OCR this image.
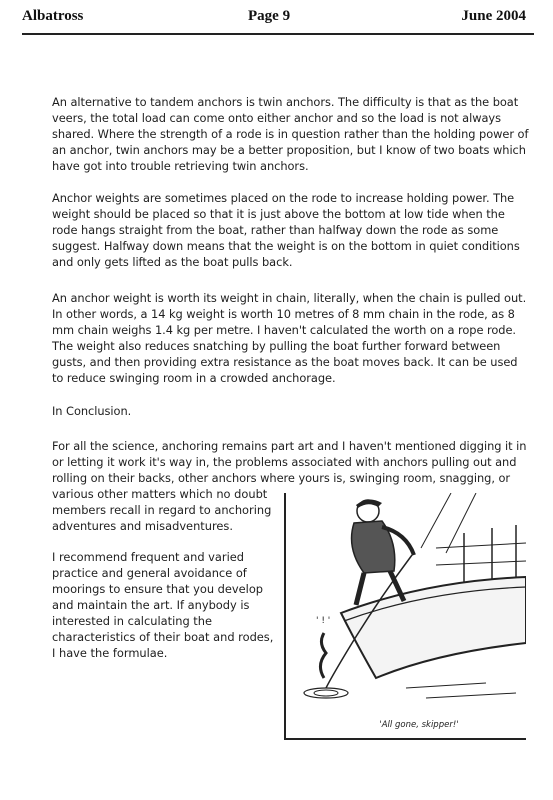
Albatross	Page 9	June 2004
An alternative to tandem anchors is twin anchors. The difficulty is that as the boat veers, the total load can come onto either anchor and so the load is not always shared. Where the strength of a rode is in question rather than the holding power of an anchor, twin anchors may be a better proposition, but I know of two boats which have got into trouble retrieving twin anchors.
Anchor weights are sometimes placed on the rode to increase holding power. The weight should be placed so that it is just above the bottom at low tide when the rode hangs straight from the boat, rather than halfway down the rode as some suggest. Halfway down means that the weight is on the bottom in quiet conditions and only gets lifted as the boat pulls back.
An anchor weight is worth its weight in chain, literally, when the chain is pulled out. In other words, a 14 kg weight is worth 10 metres of 8 mm chain in the rode, as 8 mm chain weighs 1.4 kg per metre. I haven't calculated the worth on a rope rode. The weight also reduces snatching by pulling the boat further forward between gusts, and then providing extra resistance as the boat moves back. It can be used to reduce swinging room in a crowded anchorage.
In Conclusion.
For all the science, anchoring remains part art and I haven't mentioned digging it in or letting it work it's way in, the problems associated with anchors pulling out and rolling on their backs, other anchors where yours is, swinging room, snagging, or
various other matters which no doubt members recall in regard to anchoring adventures and misadventures.
I recommend frequent and varied practice and general avoidance of moorings to ensure that you develop and maintain the art. If anybody is interested in calculating the characteristics of their boat and rodes, I have the formulae.
' ! '
'All gone, skipper!'
